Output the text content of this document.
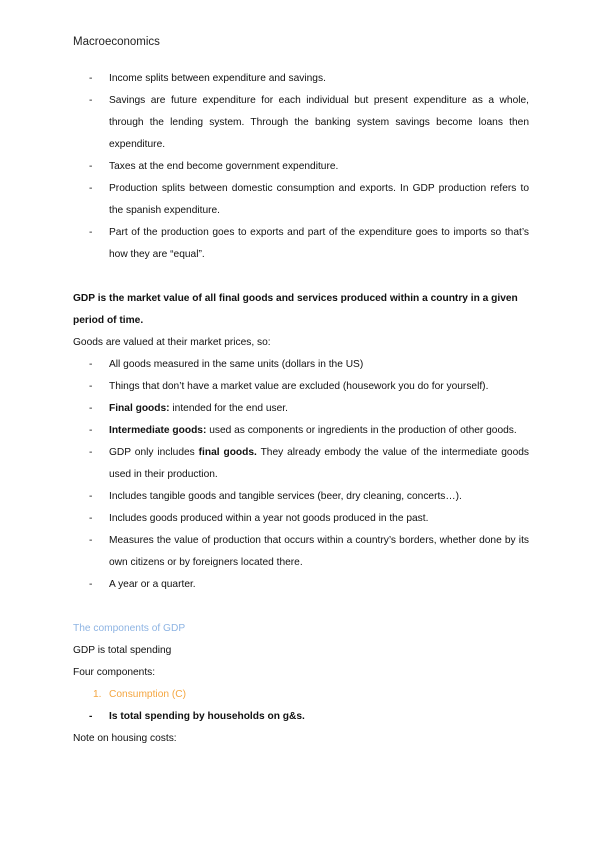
Macroeconomics
- Income splits between expenditure and savings.
- Savings are future expenditure for each individual but present expenditure as a whole, through the lending system. Through the banking system savings become loans then expenditure.
- Taxes at the end become government expenditure.
- Production splits between domestic consumption and exports. In GDP production refers to the spanish expenditure.
- Part of the production goes to exports and part of the expenditure goes to imports so that’s how they are “equal”.

GDP is the market value of all final goods and services produced within a country in a given period of time.

Goods are valued at their market prices, so:

- All goods measured in the same units (dollars in the US)
- Things that don’t have a market value are excluded (housework you do for yourself).
- Final goods: intended for the end user.
- Intermediate goods: used as components or ingredients in the production of other goods.
- GDP only includes final goods. They already embody the value of the intermediate goods used in their production.
- Includes tangible goods and tangible services (beer, dry cleaning, concerts…).
- Includes goods produced within a year not goods produced in the past.
- Measures the value of production that occurs within a country’s borders, whether done by its own citizens or by foreigners located there.
- A year or a quarter.

The components of GDP

GDP is total spending

Four components:

1. Consumption (C)
- Is total spending by households on g&s.

Note on housing costs:
